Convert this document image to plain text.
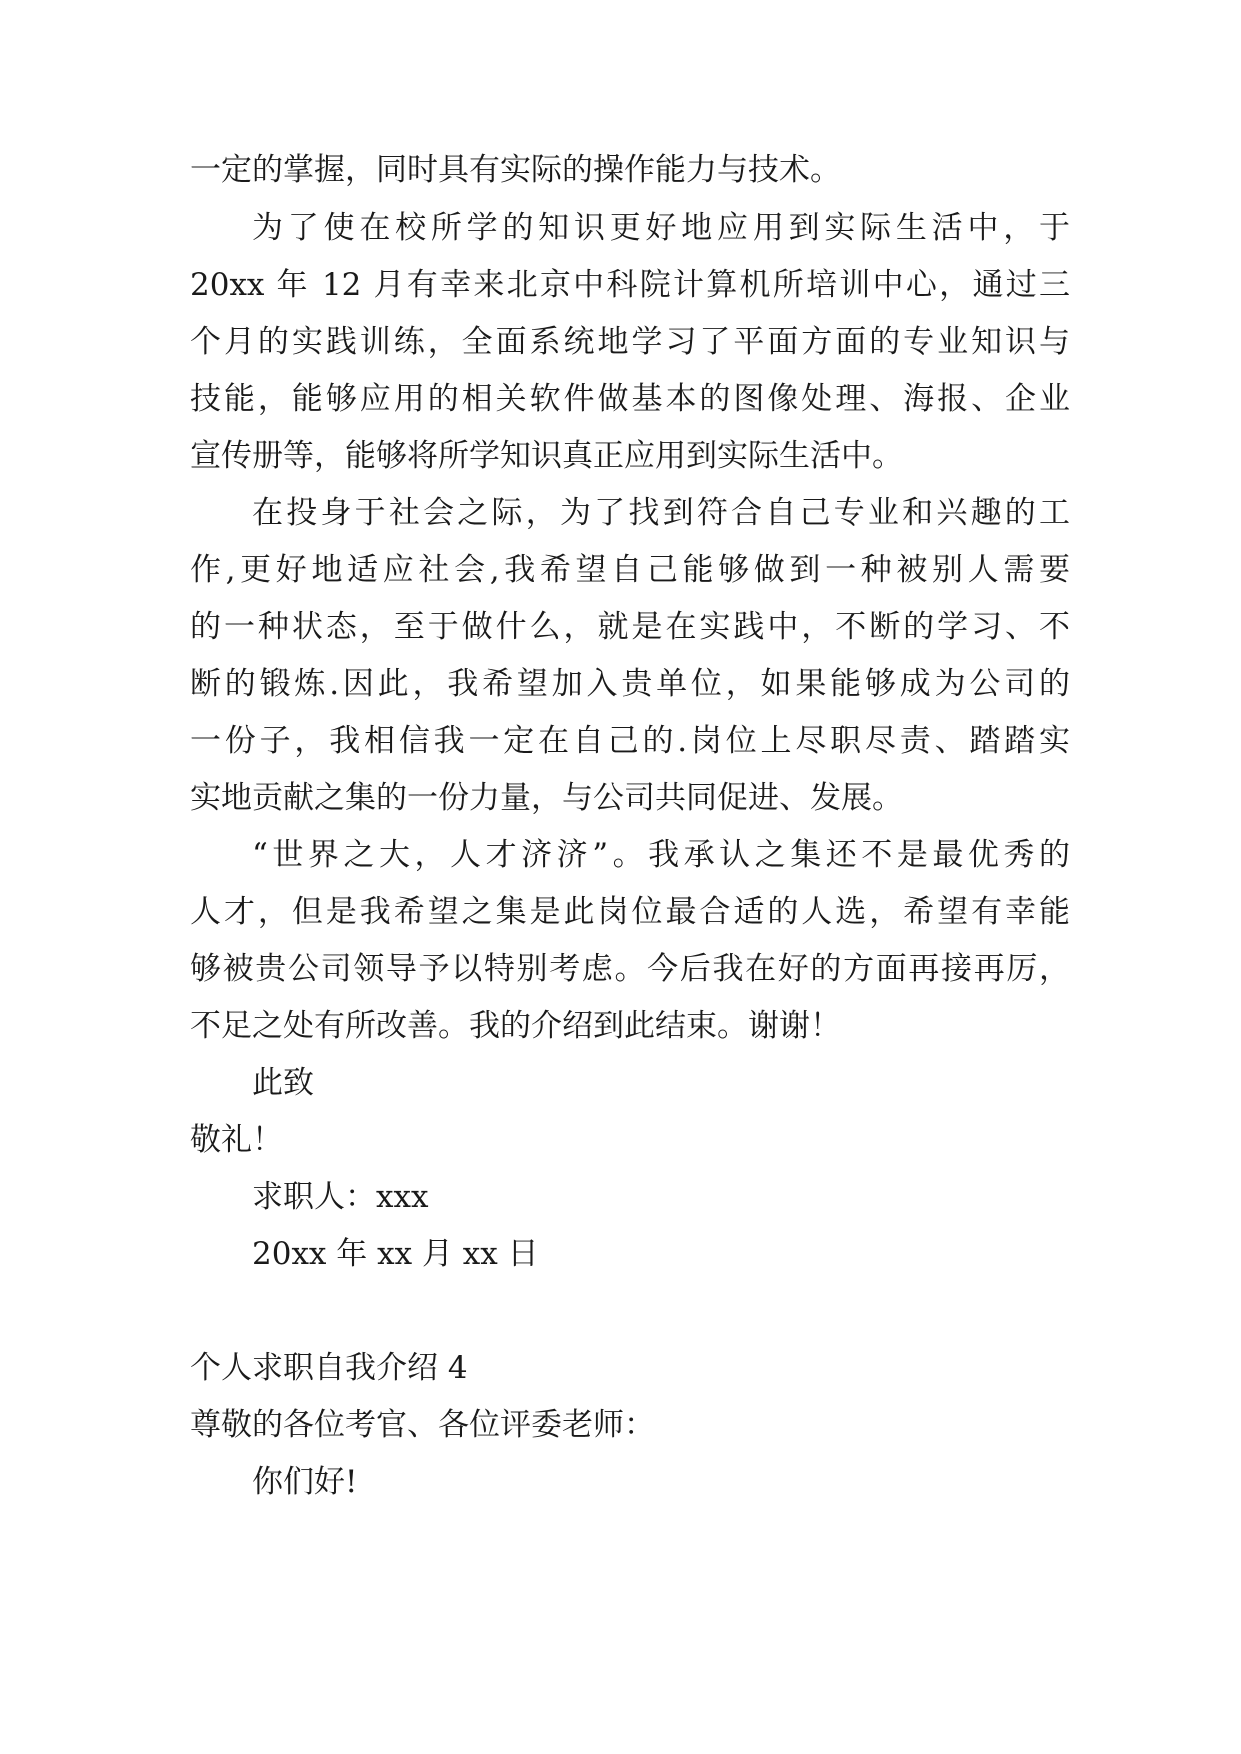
一定的掌握，同时具有实际的操作能力与技术。
为了使在校所学的知识更好地应用到实际生活中，于
20xx 年 12 月有幸来北京中科院计算机所培训中心，通过三
个月的实践训练，全面系统地学习了平面方面的专业知识与
技能，能够应用的相关软件做基本的图像处理、海报、企业
宣传册等，能够将所学知识真正应用到实际生活中。
在投身于社会之际，为了找到符合自己专业和兴趣的工
作,更好地适应社会,我希望自己能够做到一种被别人需要
的一种状态，至于做什么，就是在实践中，不断的学习、不
断的锻炼.因此，我希望加入贵单位，如果能够成为公司的
一份子，我相信我一定在自己的.岗位上尽职尽责、踏踏实
实地贡献之集的一份力量，与公司共同促进、发展。
“世界之大，人才济济”。我承认之集还不是最优秀的
人才，但是我希望之集是此岗位最合适的人选，希望有幸能
够被贵公司领导予以特别考虑。今后我在好的方面再接再厉，
不足之处有所改善。我的介绍到此结束。谢谢！
此致
敬礼！
求职人：xxx
20xx 年 xx 月 xx 日
个人求职自我介绍 4
尊敬的各位考官、各位评委老师：
你们好!
